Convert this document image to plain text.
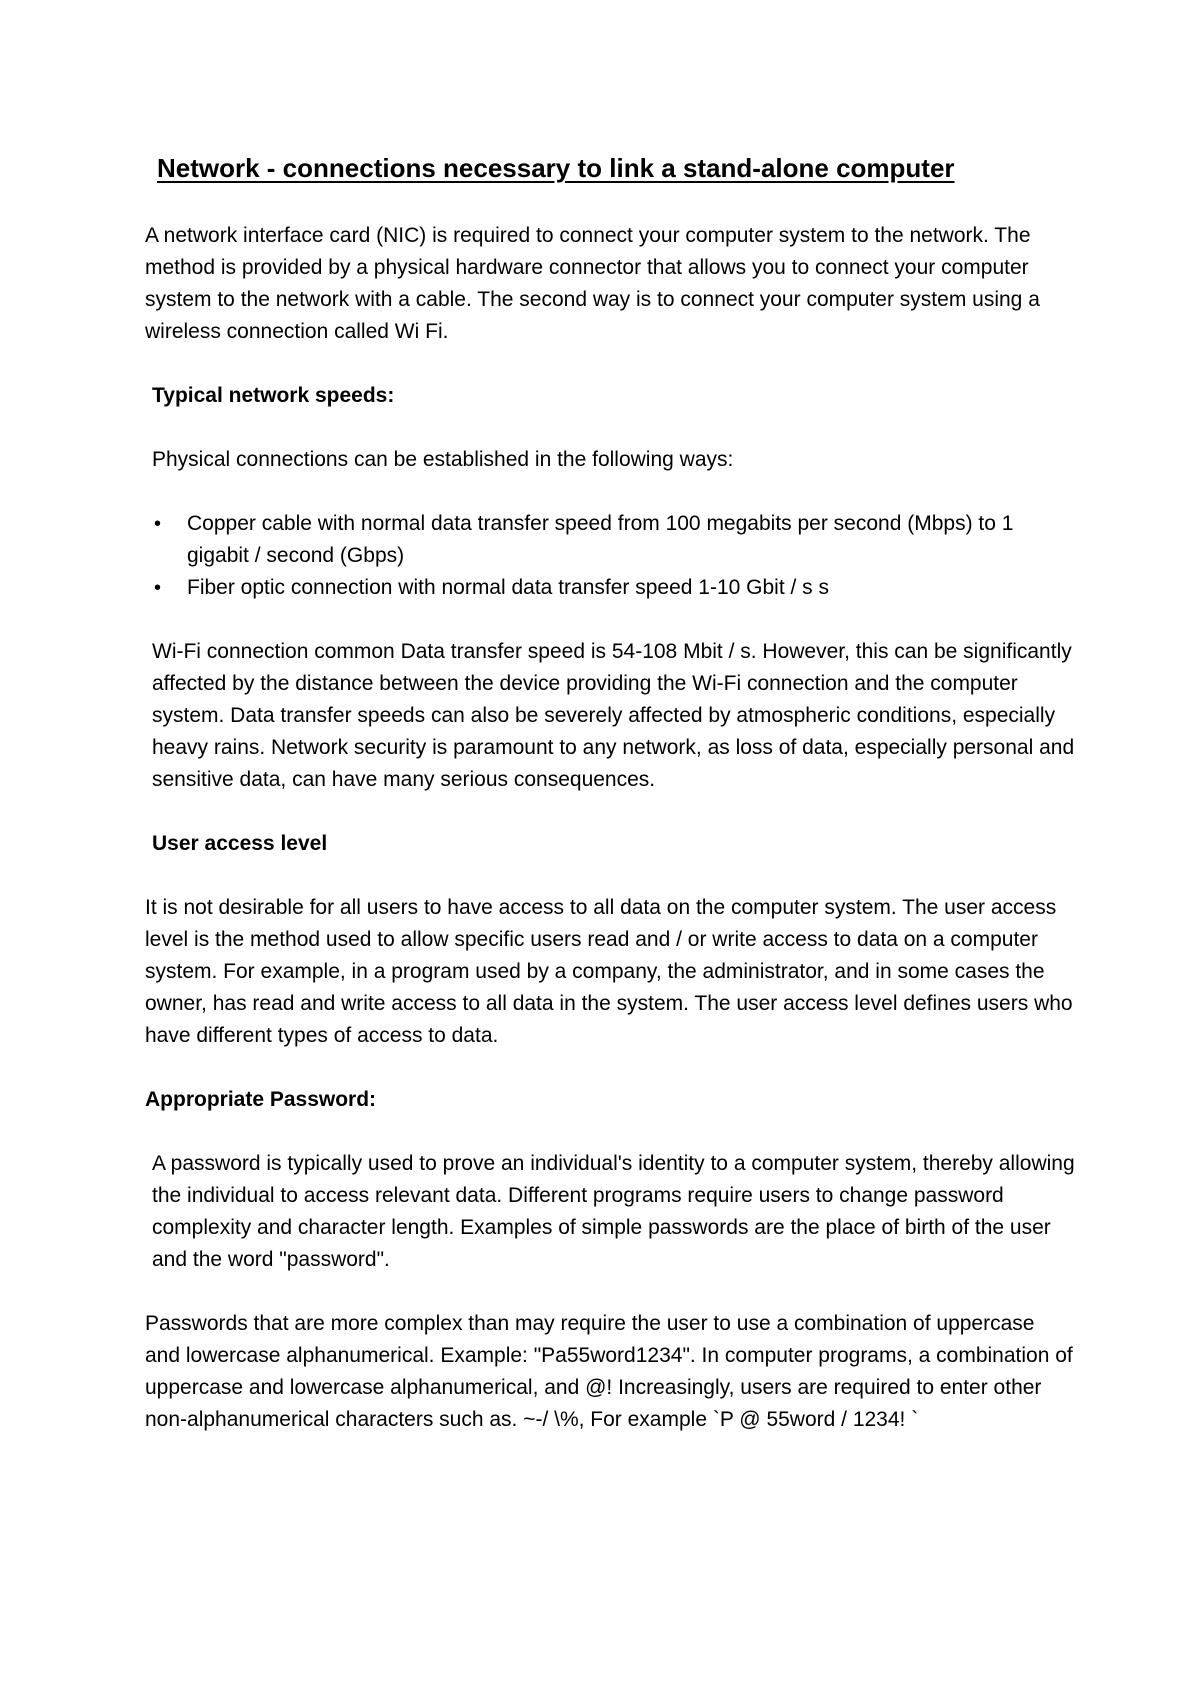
Network - connections necessary to link a stand-alone computer

A network interface card (NIC) is required to connect your computer system to the network. The method is provided by a physical hardware connector that allows you to connect your computer system to the network with a cable. The second way is to connect your computer system using a wireless connection called Wi Fi.

Typical network speeds:

Physical connections can be established in the following ways:

• Copper cable with normal data transfer speed from 100 megabits per second (Mbps) to 1 gigabit / second (Gbps)
• Fiber optic connection with normal data transfer speed 1-10 Gbit / s s

Wi-Fi connection common Data transfer speed is 54-108 Mbit / s. However, this can be significantly affected by the distance between the device providing the Wi-Fi connection and the computer system. Data transfer speeds can also be severely affected by atmospheric conditions, especially heavy rains. Network security is paramount to any network, as loss of data, especially personal and sensitive data, can have many serious consequences.

User access level

It is not desirable for all users to have access to all data on the computer system. The user access level is the method used to allow specific users read and / or write access to data on a computer system. For example, in a program used by a company, the administrator, and in some cases the owner, has read and write access to all data in the system. The user access level defines users who have different types of access to data.

Appropriate Password:

A password is typically used to prove an individual's identity to a computer system, thereby allowing the individual to access relevant data. Different programs require users to change password complexity and character length. Examples of simple passwords are the place of birth of the user and the word "password".

Passwords that are more complex than may require the user to use a combination of uppercase and lowercase alphanumerical. Example: "Pa55word1234". In computer programs, a combination of uppercase and lowercase alphanumerical, and @! Increasingly, users are required to enter other non-alphanumerical characters such as. ~-/ \%, For example `P @ 55word / 1234! `
